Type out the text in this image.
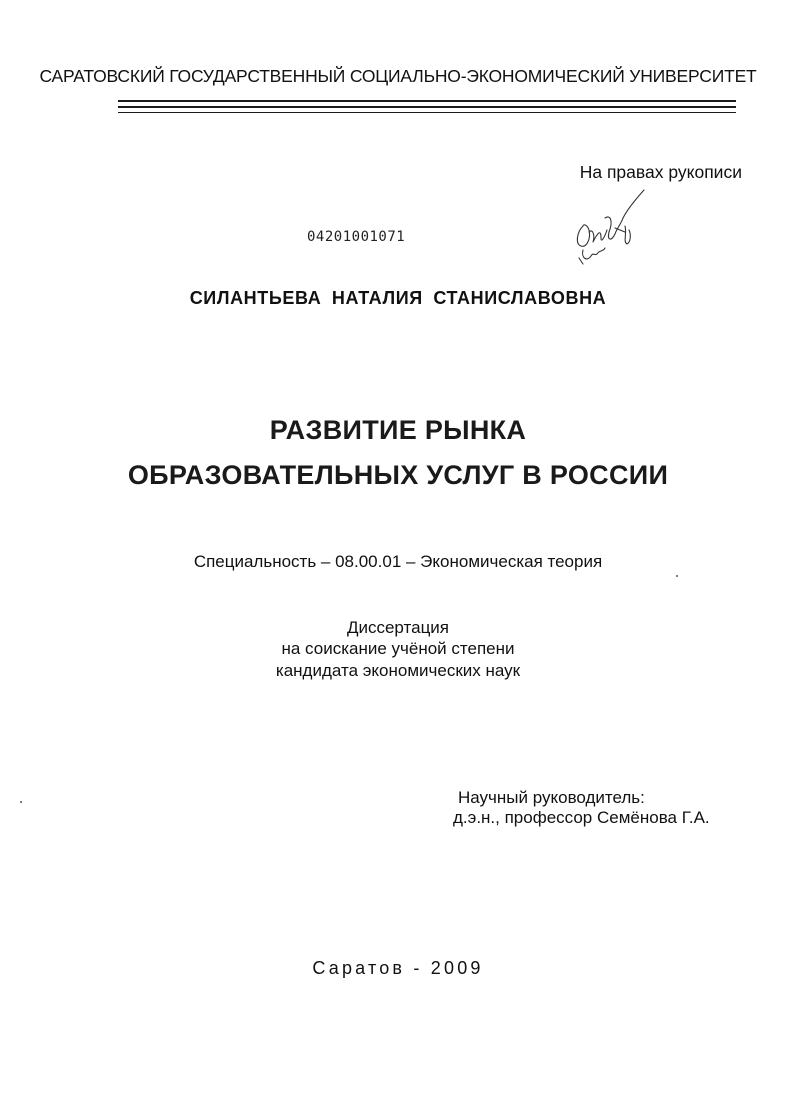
САРАТОВСКИЙ ГОСУДАРСТВЕННЫЙ СОЦИАЛЬНО-ЭКОНОМИЧЕСКИЙ УНИВЕРСИТЕТ
На правах рукописи
04201001071
СИЛАНТЬЕВА НАТАЛИЯ СТАНИСЛАВОВНА
РАЗВИТИЕ РЫНКА
ОБРАЗОВАТЕЛЬНЫХ УСЛУГ В РОССИИ
Специальность – 08.00.01 – Экономическая теория
Диссертация
на соискание учёной степени
кандидата экономических наук
Научный руководитель:
д.э.н., профессор Семёнова Г.А.
Саратов - 2009
